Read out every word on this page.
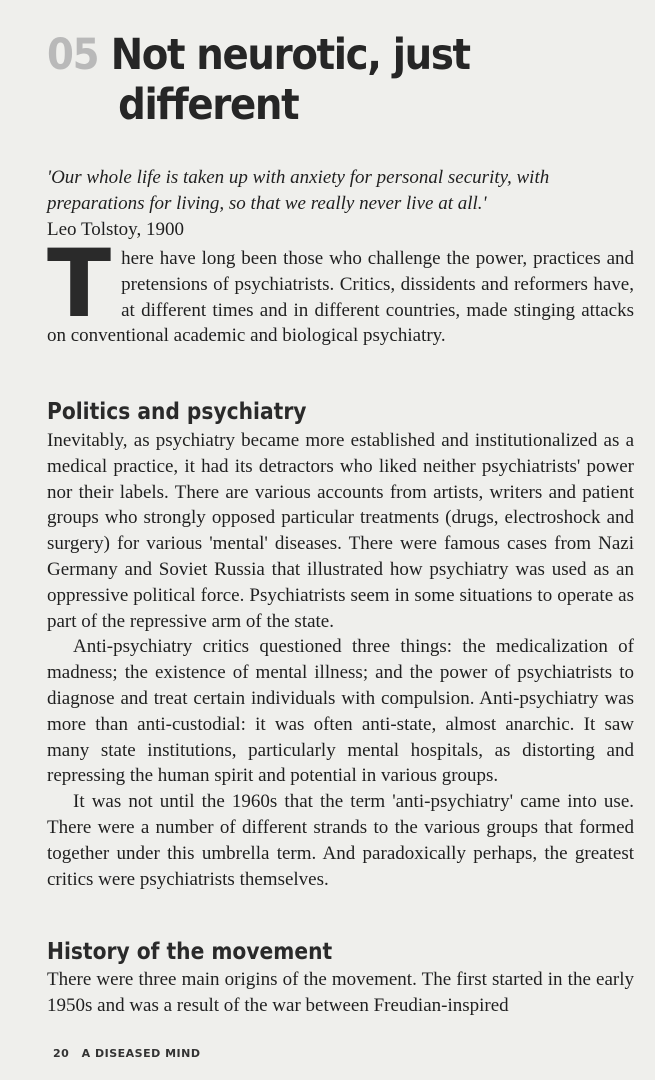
05 Not neurotic, just
different

'Our whole life is taken up with anxiety for personal security, with preparations for living, so that we really never live at all.'

Leo Tolstoy, 1900

There have long been those who challenge the power, practices and pretensions of psychiatrists. Critics, dissidents and reformers have, at different times and in different countries, made stinging attacks on conventional academic and biological psychiatry.

Politics and psychiatry

Inevitably, as psychiatry became more established and institutionalized as a medical practice, it had its detractors who liked neither psychiatrists' power nor their labels. There are various accounts from artists, writers and patient groups who strongly opposed particular treatments (drugs, electroshock and surgery) for various 'mental' diseases. There were famous cases from Nazi Germany and Soviet Russia that illustrated how psychiatry was used as an oppressive political force. Psychiatrists seem in some situations to operate as part of the repressive arm of the state.

Anti-psychiatry critics questioned three things: the medicalization of madness; the existence of mental illness; and the power of psychiatrists to diagnose and treat certain individuals with compulsion. Anti-psychiatry was more than anti-custodial: it was often anti-state, almost anarchic. It saw many state institutions, particularly mental hospitals, as distorting and repressing the human spirit and potential in various groups.

It was not until the 1960s that the term 'anti-psychiatry' came into use. There were a number of different strands to the various groups that formed together under this umbrella term. And paradoxically perhaps, the greatest critics were psychiatrists themselves.

History of the movement

There were three main origins of the movement. The first started in the early 1950s and was a result of the war between Freudian-inspired

20 A DISEASED MIND
